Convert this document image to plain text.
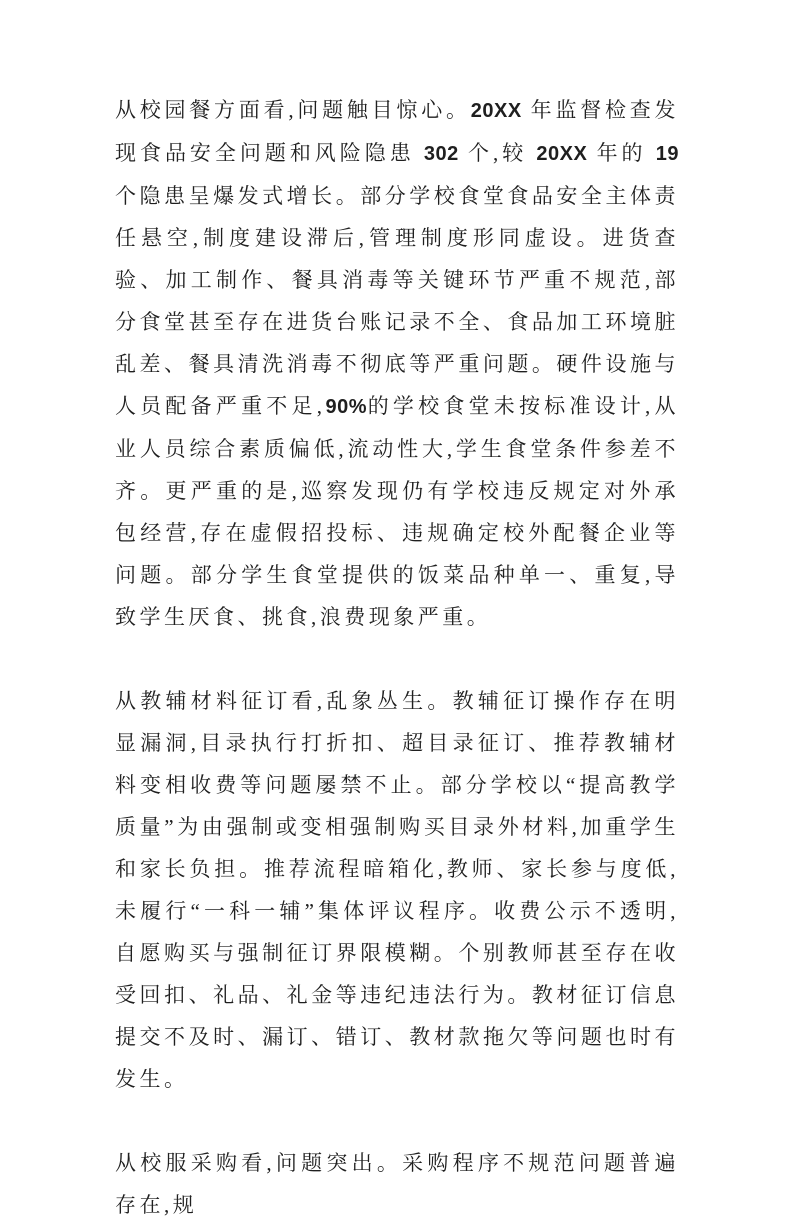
从校园餐方面看,问题触目惊心。20XX 年监督检查发现食品安全问题和风险隐患 302 个,较 20XX 年的 19 个隐患呈爆发式增长。部分学校食堂食品安全主体责任悬空,制度建设滞后,管理制度形同虚设。进货查验、加工制作、餐具消毒等关键环节严重不规范,部分食堂甚至存在进货台账记录不全、食品加工环境脏乱差、餐具清洗消毒不彻底等严重问题。硬件设施与人员配备严重不足,90%的学校食堂未按标准设计,从业人员综合素质偏低,流动性大,学生食堂条件参差不齐。更严重的是,巡察发现仍有学校违反规定对外承包经营,存在虚假招投标、违规确定校外配餐企业等问题。部分学生食堂提供的饭菜品种单一、重复,导致学生厌食、挑食,浪费现象严重。

从教辅材料征订看,乱象丛生。教辅征订操作存在明显漏洞,目录执行打折扣、超目录征订、推荐教辅材料变相收费等问题屡禁不止。部分学校以“提高教学质量”为由强制或变相强制购买目录外材料,加重学生和家长负担。推荐流程暗箱化,教师、家长参与度低,未履行“一科一辅”集体评议程序。收费公示不透明,自愿购买与强制征订界限模糊。个别教师甚至存在收受回扣、礼品、礼金等违纪违法行为。教材征订信息提交不及时、漏订、错订、教材款拖欠等问题也时有发生。

从校服采购看,问题突出。采购程序不规范问题普遍存在,规
